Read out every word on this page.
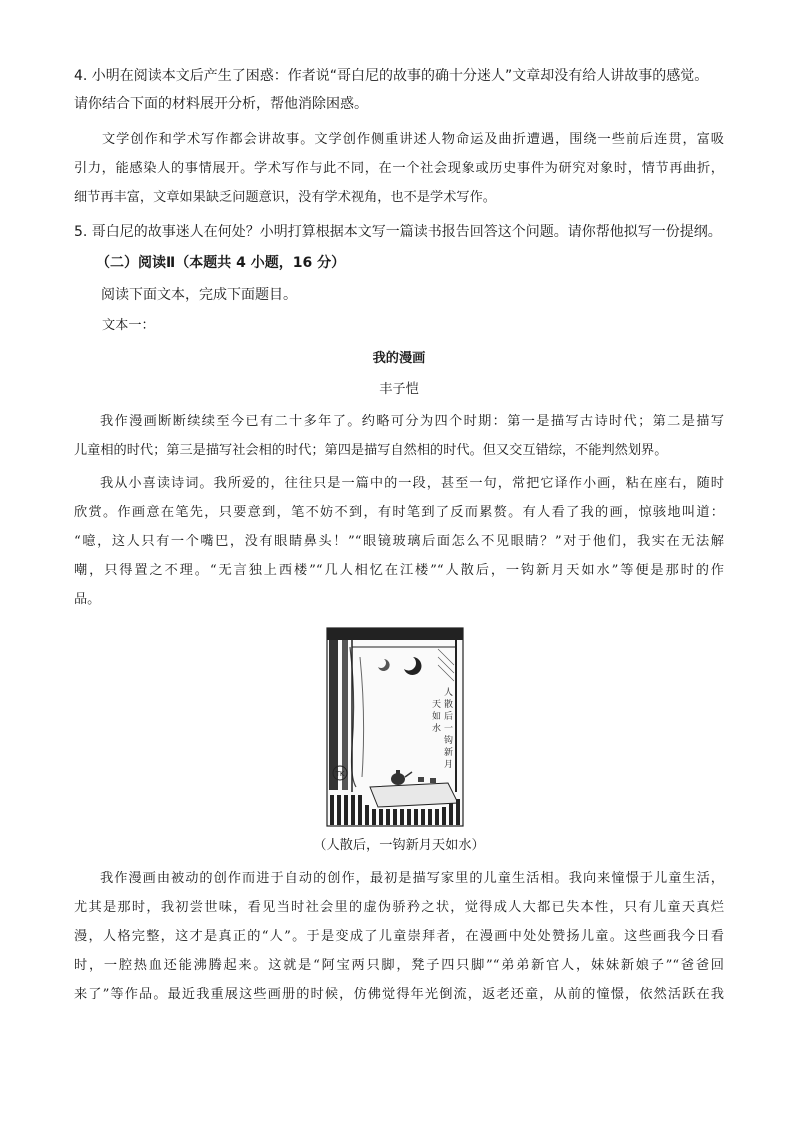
4. 小明在阅读本文后产生了困惑：作者说“哥白尼的故事的确十分迷人”文章却没有给人讲故事的感觉。
请你结合下面的材料展开分析，帮他消除困惑。
文学创作和学术写作都会讲故事。文学创作侧重讲述人物命运及曲折遭遇，围绕一些前后连贯，富吸
引力，能感染人的事情展开。学术写作与此不同，在一个社会现象或历史事件为研究对象时，情节再曲折，
细节再丰富，文章如果缺乏问题意识，没有学术视角，也不是学术写作。
5. 哥白尼的故事迷人在何处？小明打算根据本文写一篇读书报告回答这个问题。请你帮他拟写一份提纲。
（二）阅读Ⅱ（本题共 4 小题，16 分）
阅读下面文本，完成下面题目。
文本一：
我的漫画
丰子恺
我作漫画断断续续至今已有二十多年了。约略可分为四个时期：第一是描写古诗时代；第二是描写
儿童相的时代；第三是描写社会相的时代；第四是描写自然相的时代。但又交互错综，不能判然划界。
我从小喜读诗词。我所爱的，往往只是一篇中的一段，甚至一句，常把它译作小画，粘在座右，随时
欣赏。作画意在笔先，只要意到，笔不妨不到，有时笔到了反而累赘。有人看了我的画，惊骇地叫道：
“噫，这人只有一个嘴巴，没有眼睛鼻头！”“眼镜玻璃后面怎么不见眼睛？”对于他们，我实在无法解
嘲，只得置之不理。“无言独上西楼”“几人相忆在江楼”“人散后，一钩新月天如水”等便是那时的作
品。
人
散
后
一
钩
新
月
天
如
水
TK
（人散后，一钩新月天如水）
我作漫画由被动的创作而进于自动的创作，最初是描写家里的儿童生活相。我向来憧憬于儿童生活，
尤其是那时，我初尝世味，看见当时社会里的虚伪骄矜之状，觉得成人大都已失本性，只有儿童天真烂
漫，人格完整，这才是真正的“人”。于是变成了儿童崇拜者，在漫画中处处赞扬儿童。这些画我今日看
时，一腔热血还能沸腾起来。这就是“阿宝两只脚，凳子四只脚”“弟弟新官人，妹妹新娘子”“爸爸回
来了”等作品。最近我重展这些画册的时候，仿佛觉得年光倒流，返老还童，从前的憧憬，依然活跃在我
